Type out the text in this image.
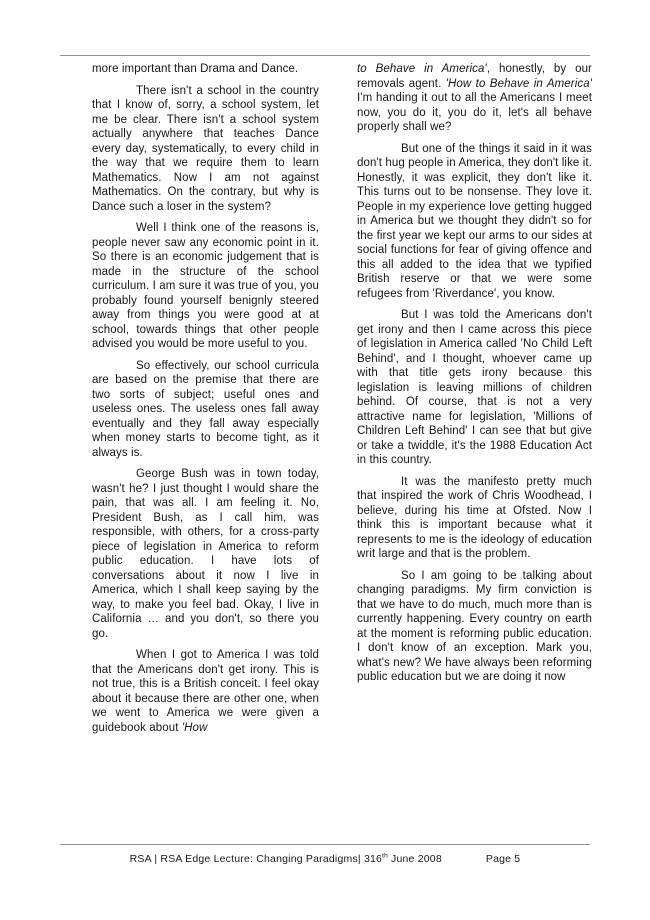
more important than Drama and Dance.

There isn't a school in the country that I know of, sorry, a school system, let me be clear. There isn't a school system actually anywhere that teaches Dance every day, systematically, to every child in the way that we require them to learn Mathematics. Now I am not against Mathematics. On the contrary, but why is Dance such a loser in the system?

Well I think one of the reasons is, people never saw any economic point in it. So there is an economic judgement that is made in the structure of the school curriculum. I am sure it was true of you, you probably found yourself benignly steered away from things you were good at at school, towards things that other people advised you would be more useful to you.

So effectively, our school curricula are based on the premise that there are two sorts of subject; useful ones and useless ones. The useless ones fall away eventually and they fall away especially when money starts to become tight, as it always is.

George Bush was in town today, wasn't he? I just thought I would share the pain, that was all. I am feeling it. No, President Bush, as I call him, was responsible, with others, for a cross-party piece of legislation in America to reform public education. I have lots of conversations about it now I live in America, which I shall keep saying by the way, to make you feel bad. Okay, I live in California … and you don't, so there you go.

When I got to America I was told that the Americans don't get irony. This is not true, this is a British conceit. I feel okay about it because there are other one, when we went to America we were given a guidebook about 'How

to Behave in America', honestly, by our removals agent. 'How to Behave in America' I'm handing it out to all the Americans I meet now, you do it, you do it, let's all behave properly shall we?

But one of the things it said in it was don't hug people in America, they don't like it. Honestly, it was explicit, they don't like it. This turns out to be nonsense. They love it. People in my experience love getting hugged in America but we thought they didn't so for the first year we kept our arms to our sides at social functions for fear of giving offence and this all added to the idea that we typified British reserve or that we were some refugees from 'Riverdance', you know.

But I was told the Americans don't get irony and then I came across this piece of legislation in America called 'No Child Left Behind', and I thought, whoever came up with that title gets irony because this legislation is leaving millions of children behind. Of course, that is not a very attractive name for legislation, 'Millions of Children Left Behind' I can see that but give or take a twiddle, it's the 1988 Education Act in this country.

It was the manifesto pretty much that inspired the work of Chris Woodhead, I believe, during his time at Ofsted. Now I think this is important because what it represents to me is the ideology of education writ large and that is the problem.

So I am going to be talking about changing paradigms. My firm conviction is that we have to do much, much more than is currently happening. Every country on earth at the moment is reforming public education. I don't know of an exception. Mark you, what's new? We have always been reforming public education but we are doing it now

RSA | RSA Edge Lecture: Changing Paradigms| 316th June 2008	Page 5
